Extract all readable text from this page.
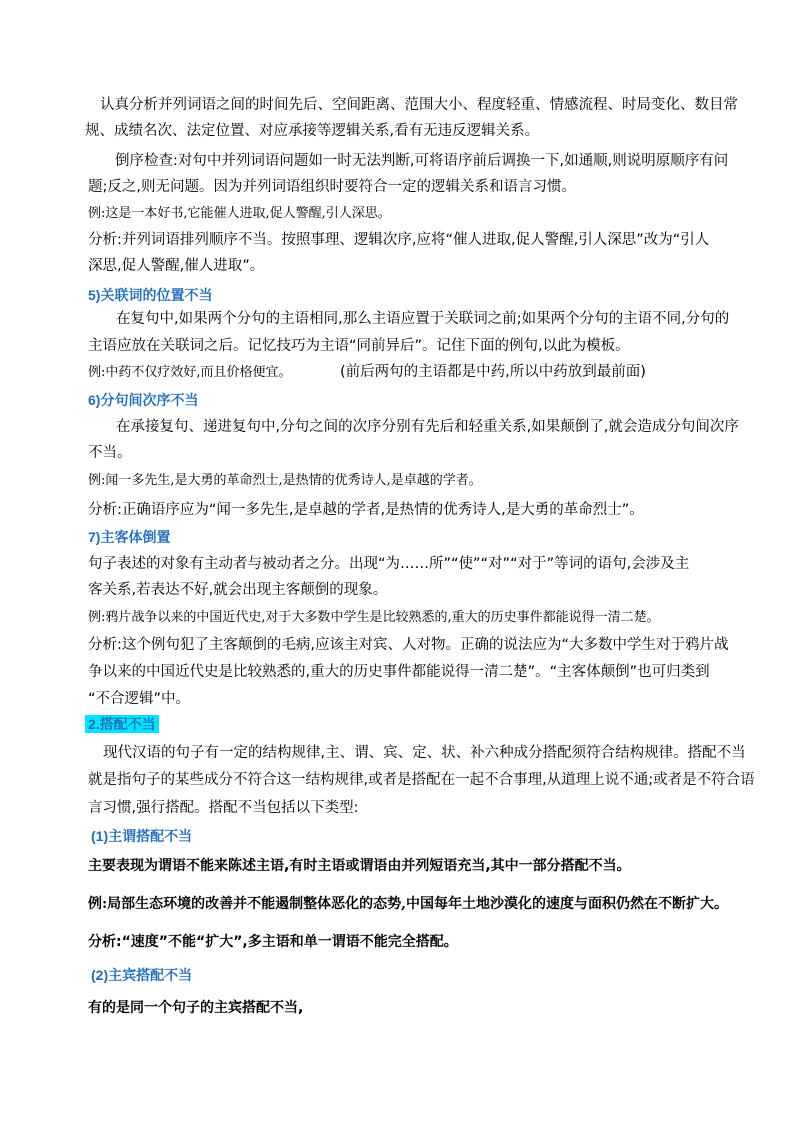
认真分析并列词语之间的时间先后、空间距离、范围大小、程度轻重、情感流程、时局变化、数目常
规、成绩名次、法定位置、对应承接等逻辑关系,看有无违反逻辑关系。
倒序检查:对句中并列词语问题如一时无法判断,可将语序前后调换一下,如通顺,则说明原顺序有问
题;反之,则无问题。因为并列词语组织时要符合一定的逻辑关系和语言习惯。
例:这是一本好书,它能催人进取,促人警醒,引人深思。
分析:并列词语排列顺序不当。按照事理、逻辑次序,应将“催人进取,促人警醒,引人深思”改为“引人
深思,促人警醒,催人进取”。
5)关联词的位置不当
在复句中,如果两个分句的主语相同,那么主语应置于关联词之前;如果两个分句的主语不同,分句的
主语应放在关联词之后。记忆技巧为主语“同前异后”。记住下面的例句,以此为模板。
例:中药不仅疗效好,而且价格便宜。	(前后两句的主语都是中药,所以中药放到最前面)
6)分句间次序不当
在承接复句、递进复句中,分句之间的次序分别有先后和轻重关系,如果颠倒了,就会造成分句间次序
不当。
例:闻一多先生,是大勇的革命烈士,是热情的优秀诗人,是卓越的学者。
分析:正确语序应为“闻一多先生,是卓越的学者,是热情的优秀诗人,是大勇的革命烈士”。
7)主客体倒置
句子表述的对象有主动者与被动者之分。出现“为……所”“使”“对”“对于”等词的语句,会涉及主
客关系,若表达不好,就会出现主客颠倒的现象。
例:鸦片战争以来的中国近代史,对于大多数中学生是比较熟悉的,重大的历史事件都能说得一清二楚。
分析:这个例句犯了主客颠倒的毛病,应该主对宾、人对物。正确的说法应为“大多数中学生对于鸦片战
争以来的中国近代史是比较熟悉的,重大的历史事件都能说得一清二楚”。“主客体颠倒”也可归类到
“不合逻辑”中。
2.搭配不当
现代汉语的句子有一定的结构规律,主、谓、宾、定、状、补六种成分搭配须符合结构规律。搭配不当
就是指句子的某些成分不符合这一结构规律,或者是搭配在一起不合事理,从道理上说不通;或者是不符合语
言习惯,强行搭配。搭配不当包括以下类型:
(1)主谓搭配不当
主要表现为谓语不能来陈述主语,有时主语或谓语由并列短语充当,其中一部分搭配不当。
例:局部生态环境的改善并不能遏制整体恶化的态势,中国每年土地沙漠化的速度与面积仍然在不断扩大。
分析:“速度”不能“扩大”,多主语和单一谓语不能完全搭配。
(2)主宾搭配不当
有的是同一个句子的主宾搭配不当,
